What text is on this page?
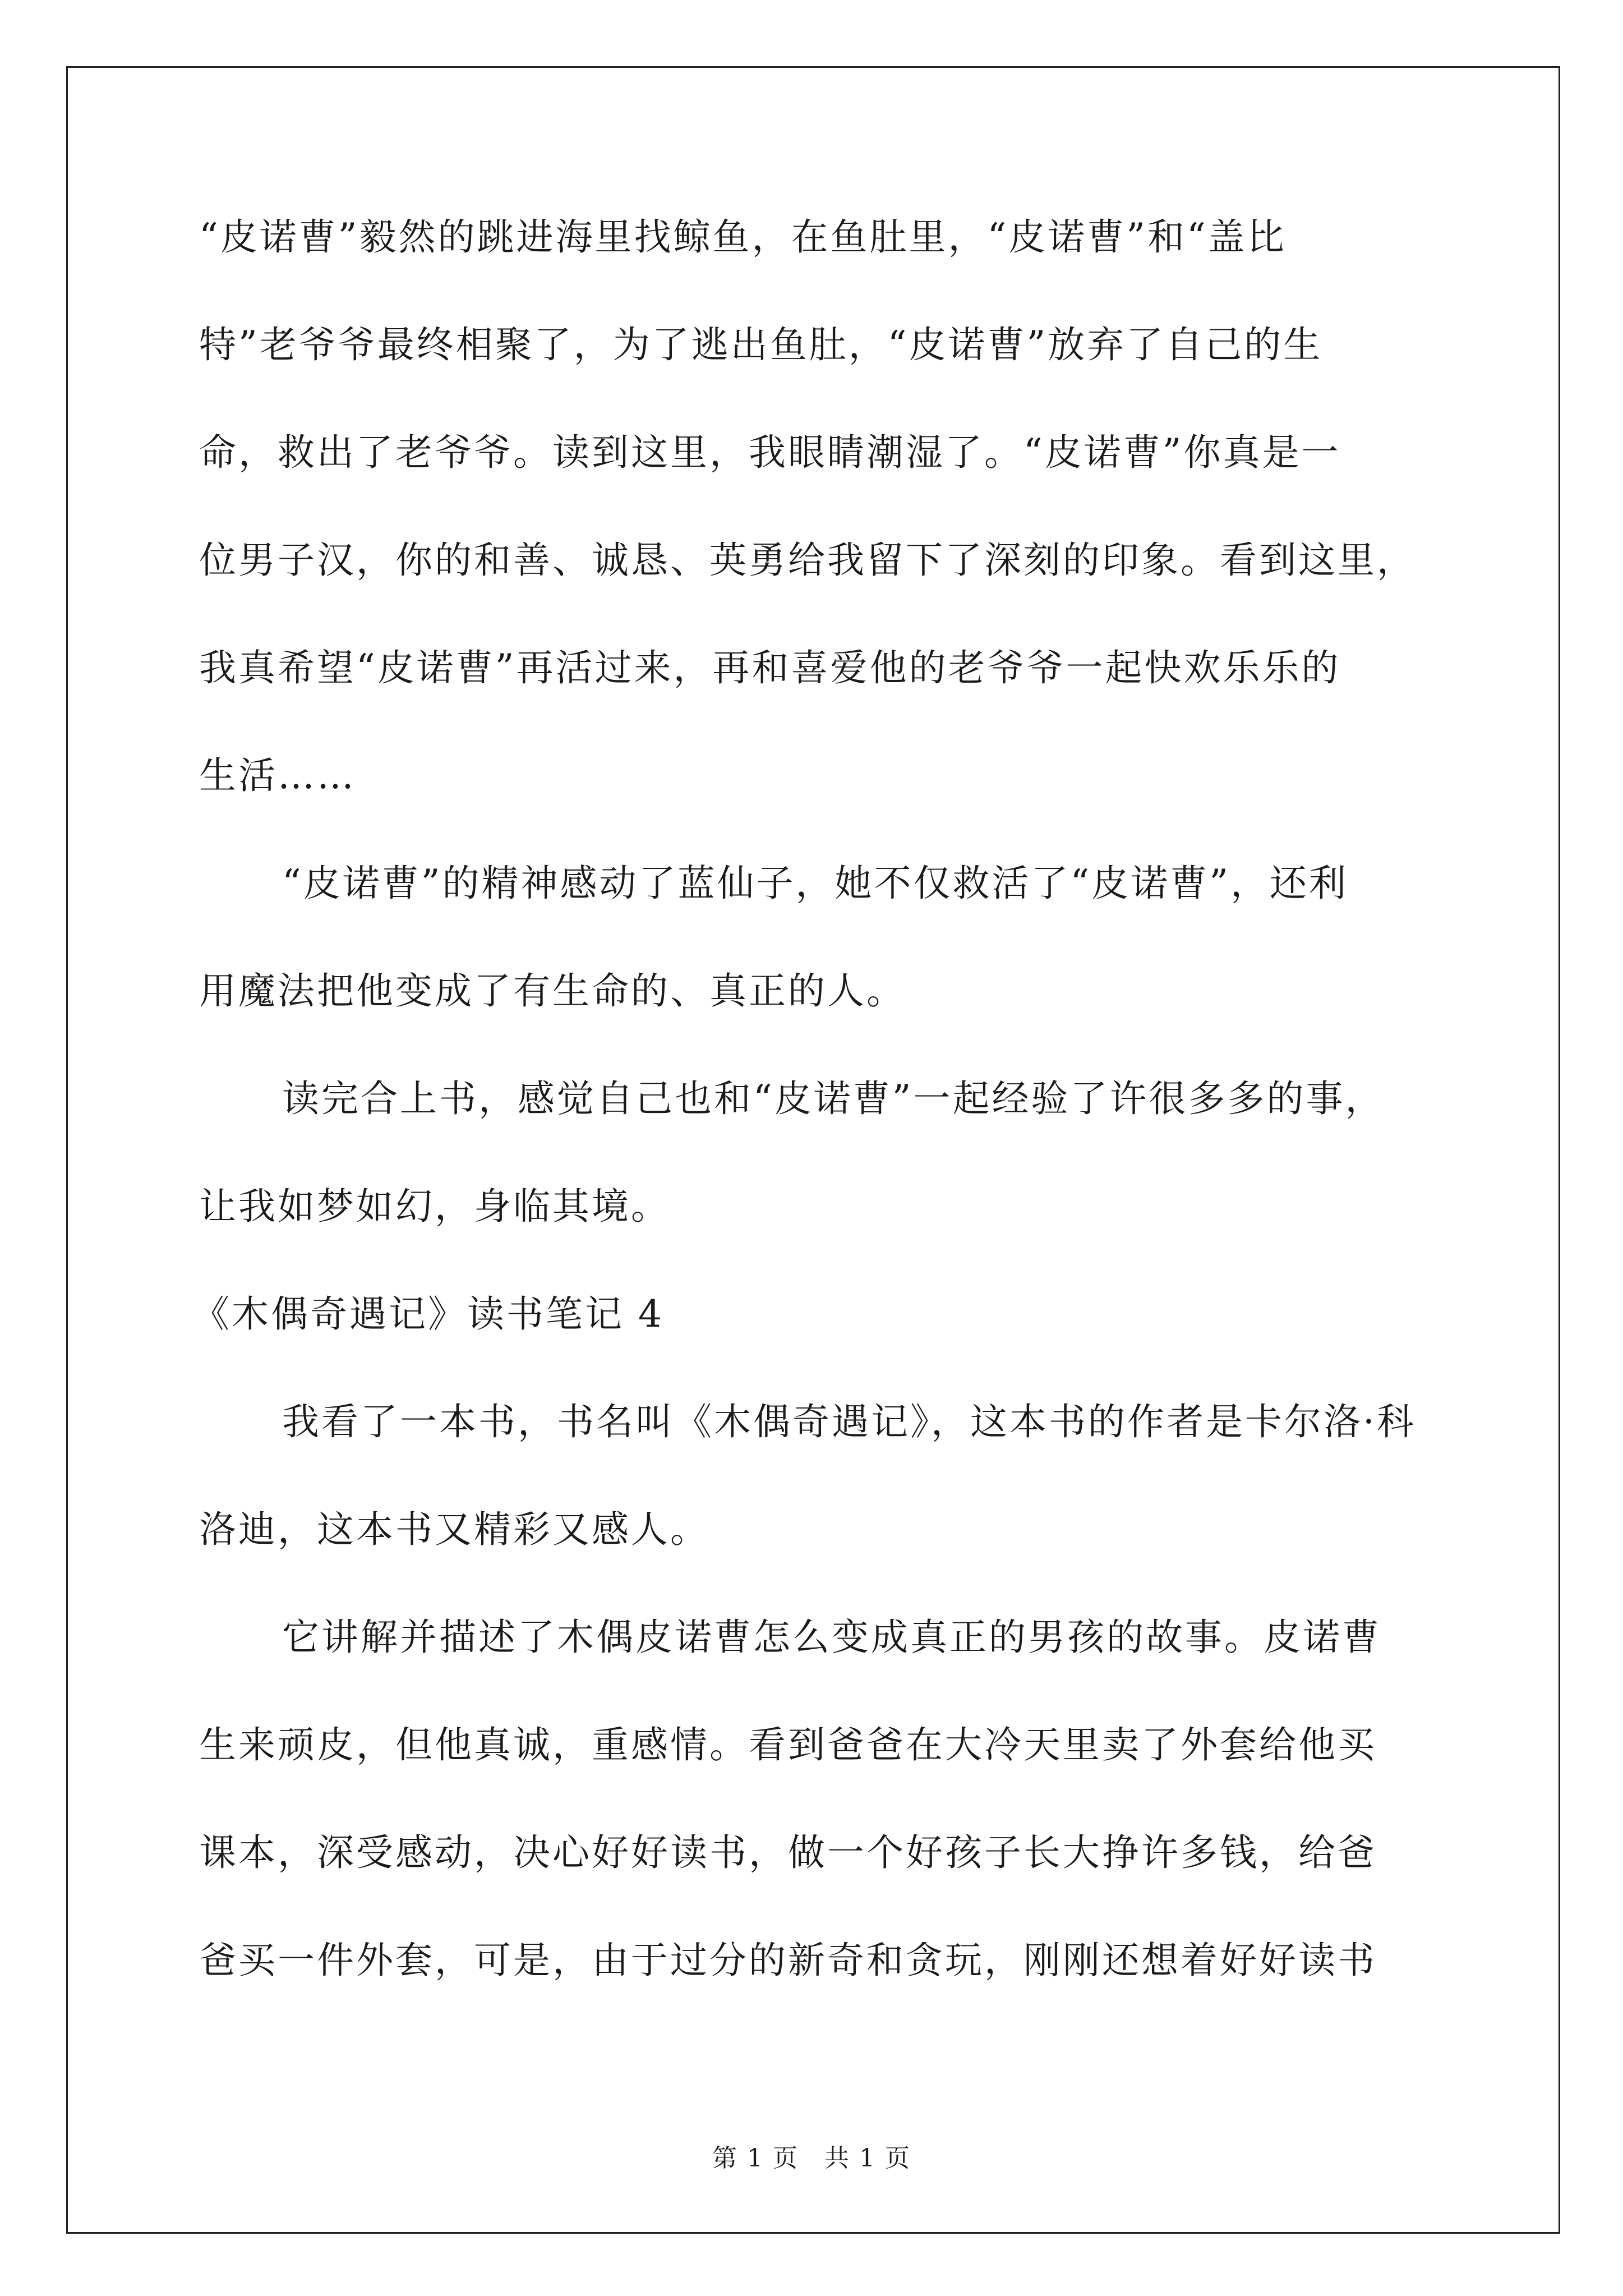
“皮诺曹”毅然的跳进海里找鲸鱼，在鱼肚里，“皮诺曹”和“盖比
特”老爷爷最终相聚了，为了逃出鱼肚，“皮诺曹”放弃了自己的生
命，救出了老爷爷。读到这里，我眼睛潮湿了。“皮诺曹”你真是一
位男子汉，你的和善、诚恳、英勇给我留下了深刻的印象。看到这里，
我真希望“皮诺曹”再活过来，再和喜爱他的老爷爷一起快欢乐乐的
生活……
“皮诺曹”的精神感动了蓝仙子，她不仅救活了“皮诺曹”，还利
用魔法把他变成了有生命的、真正的人。
读完合上书，感觉自己也和“皮诺曹”一起经验了许很多多的事，
让我如梦如幻，身临其境。
《木偶奇遇记》读书笔记 4
我看了一本书，书名叫《木偶奇遇记》，这本书的作者是卡尔洛·科
洛迪，这本书又精彩又感人。
它讲解并描述了木偶皮诺曹怎么变成真正的男孩的故事。皮诺曹
生来顽皮，但他真诚，重感情。看到爸爸在大冷天里卖了外套给他买
课本，深受感动，决心好好读书，做一个好孩子长大挣许多钱，给爸
爸买一件外套，可是，由于过分的新奇和贪玩，刚刚还想着好好读书
第 1 页　共 1 页
